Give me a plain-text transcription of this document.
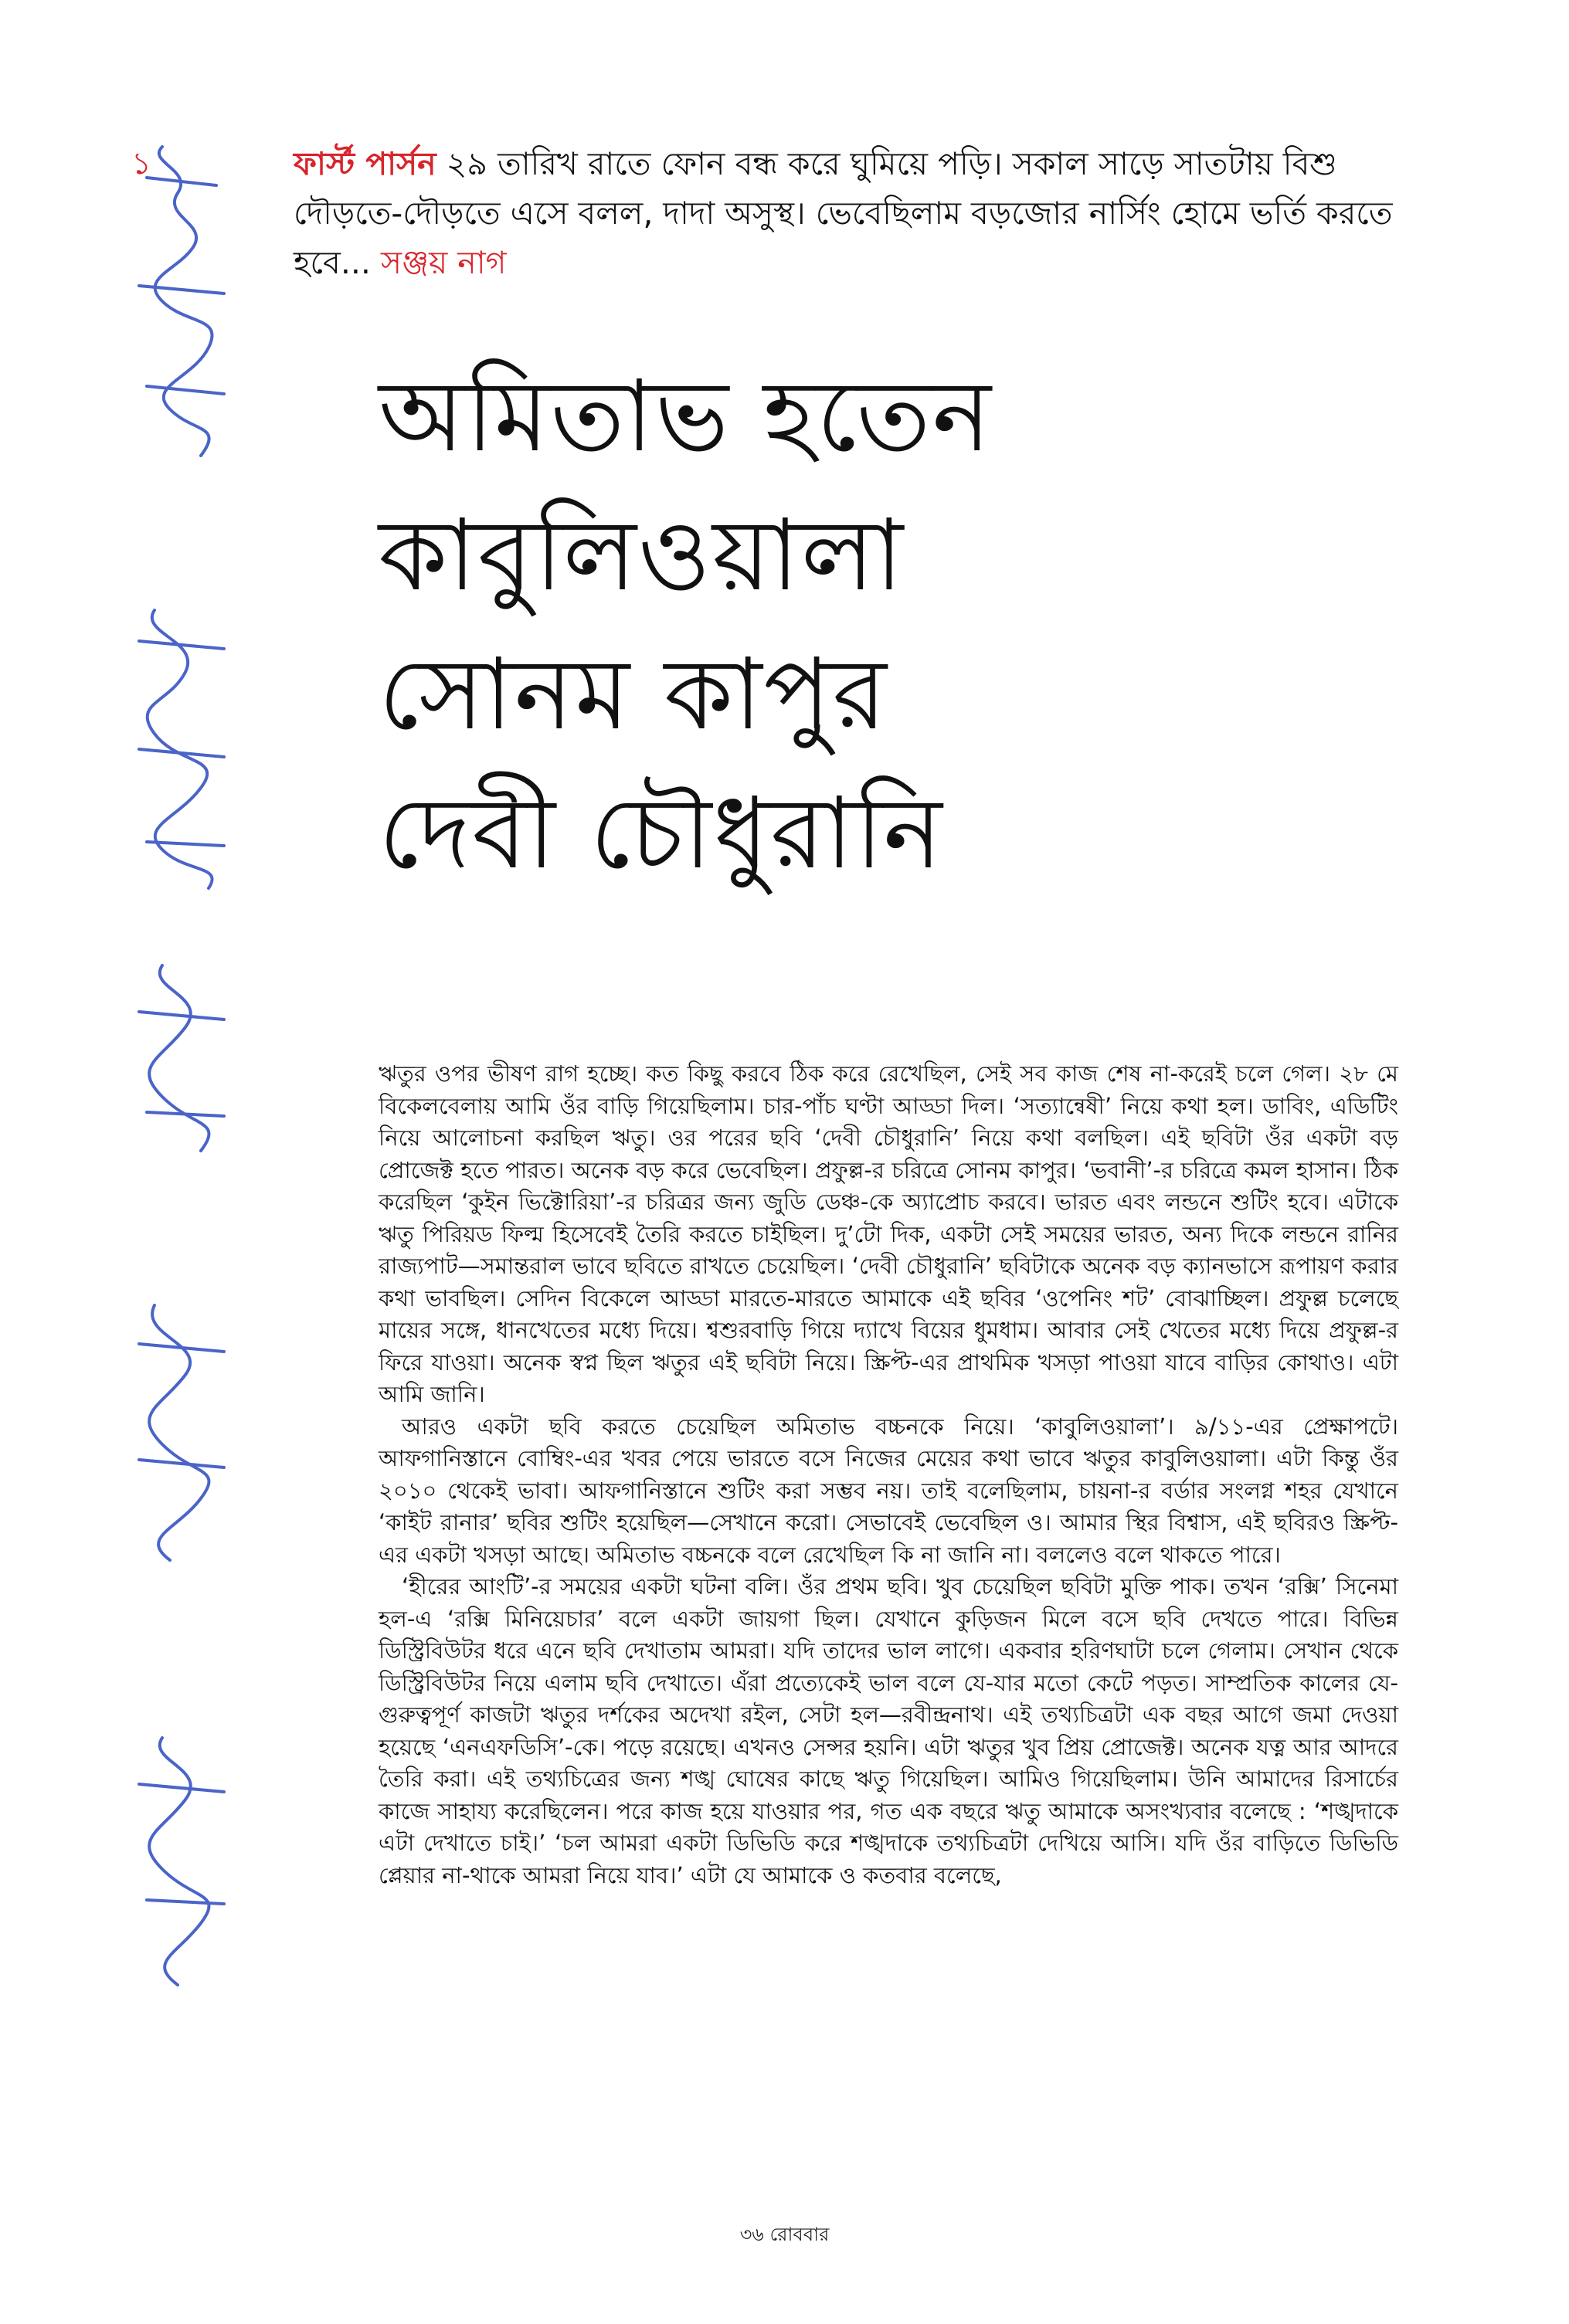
১	ফার্স্ট পার্সন ২৯ তারিখ রাতে ফোন বন্ধ করে ঘুমিয়ে পড়ি। সকাল সাড়ে সাতটায় বিশু দৌড়তে-দৌড়তে এসে বলল, দাদা অসুস্থ। ভেবেছিলাম বড়জোর নার্সিং হোমে ভর্তি করতে হবে... সঞ্জয় নাগ
অমিতাভ হতেন
কাবুলিওয়ালা
সোনম কাপুর
দেবী চৌধুরানি

ঋতুর ওপর ভীষণ রাগ হচ্ছে। কত কিছু করবে ঠিক করে রেখেছিল, সেই সব কাজ শেষ না-করেই চলে গেল। ২৮ মে বিকেলবেলায় আমি ওঁর বাড়ি গিয়েছিলাম। চার-পাঁচ ঘণ্টা আড্ডা দিল। ‘সত্যান্বেষী’ নিয়ে কথা হল। ডাবিং, এডিটিং নিয়ে আলোচনা করছিল ঋতু। ওর পরের ছবি ‘দেবী চৌধুরানি’ নিয়ে কথা বলছিল। এই ছবিটা ওঁর একটা বড় প্রোজেক্ট হতে পারত। অনেক বড় করে ভেবেছিল। প্রফুল্ল-র চরিত্রে সোনম কাপুর। ‘ভবানী’-র চরিত্রে কমল হাসান। ঠিক করেছিল ‘কুইন ভিক্টোরিয়া’-র চরিত্রর জন্য জুডি ডেঞ্চ-কে অ্যাপ্রোচ করবে। ভারত এবং লন্ডনে শুটিং হবে। এটাকে ঋতু পিরিয়ড ফিল্ম হিসেবেই তৈরি করতে চাইছিল। দু’টো দিক, একটা সেই সময়ের ভারত, অন্য দিকে লন্ডনে রানির রাজ্যপাট—সমান্তরাল ভাবে ছবিতে রাখতে চেয়েছিল। ‘দেবী চৌধুরানি’ ছবিটাকে অনেক বড় ক্যানভাসে রূপায়ণ করার কথা ভাবছিল। সেদিন বিকেলে আড্ডা মারতে-মারতে আমাকে এই ছবির ‘ওপেনিং শট’ বোঝাচ্ছিল। প্রফুল্ল চলেছে মায়ের সঙ্গে, ধানখেতের মধ্যে দিয়ে। শ্বশুরবাড়ি গিয়ে দ্যাখে বিয়ের ধুমধাম। আবার সেই খেতের মধ্যে দিয়ে প্রফুল্ল-র ফিরে যাওয়া। অনেক স্বপ্ন ছিল ঋতুর এই ছবিটা নিয়ে। স্ক্রিপ্ট-এর প্রাথমিক খসড়া পাওয়া যাবে বাড়ির কোথাও। এটা আমি জানি।

আরও একটা ছবি করতে চেয়েছিল অমিতাভ বচ্চনকে নিয়ে। ‘কাবুলিওয়ালা’। ৯/১১-এর প্রেক্ষাপটে। আফগানিস্তানে বোম্বিং-এর খবর পেয়ে ভারতে বসে নিজের মেয়ের কথা ভাবে ঋতুর কাবুলিওয়ালা। এটা কিন্তু ওঁর ২০১০ থেকেই ভাবা। আফগানিস্তানে শুটিং করা সম্ভব নয়। তাই বলেছিলাম, চায়না-র বর্ডার সংলগ্ন শহর যেখানে ‘কাইট রানার’ ছবির শুটিং হয়েছিল—সেখানে করো। সেভাবেই ভেবেছিল ও। আমার স্থির বিশ্বাস, এই ছবিরও স্ক্রিপ্ট-এর একটা খসড়া আছে। অমিতাভ বচ্চনকে বলে রেখেছিল কি না জানি না। বললেও বলে থাকতে পারে।

‘হীরের আংটি’-র সময়ের একটা ঘটনা বলি। ওঁর প্রথম ছবি। খুব চেয়েছিল ছবিটা মুক্তি পাক। তখন ‘রক্সি’ সিনেমা হল-এ ‘রক্সি মিনিয়েচার’ বলে একটা জায়গা ছিল। যেখানে কুড়িজন মিলে বসে ছবি দেখতে পারে। বিভিন্ন ডিস্ট্রিবিউটর ধরে এনে ছবি দেখাতাম আমরা। যদি তাদের ভাল লাগে। একবার হরিণঘাটা চলে গেলাম। সেখান থেকে ডিস্ট্রিবিউটর নিয়ে এলাম ছবি দেখাতে। এঁরা প্রত্যেকেই ভাল বলে যে-যার মতো কেটে পড়ত। সাম্প্রতিক কালের যে-গুরুত্বপূর্ণ কাজটা ঋতুর দর্শকের অদেখা রইল, সেটা হল—রবীন্দ্রনাথ। এই তথ্যচিত্রটা এক বছর আগে জমা দেওয়া হয়েছে ‘এনএফডিসি’-কে। পড়ে রয়েছে। এখনও সেন্সর হয়নি। এটা ঋতুর খুব প্রিয় প্রোজেক্ট। অনেক যত্ন আর আদরে তৈরি করা। এই তথ্যচিত্রের জন্য শঙ্খ ঘোষের কাছে ঋতু গিয়েছিল। আমিও গিয়েছিলাম। উনি আমাদের রিসার্চের কাজে সাহায্য করেছিলেন। পরে কাজ হয়ে যাওয়ার পর, গত এক বছরে ঋতু আমাকে অসংখ্যবার বলেছে : ‘শঙ্খদাকে এটা দেখাতে চাই।’ ‘চল আমরা একটা ডিভিডি করে শঙ্খদাকে তথ্যচিত্রটা দেখিয়ে আসি। যদি ওঁর বাড়িতে ডিভিডি প্লেয়ার না-থাকে আমরা নিয়ে যাব।’ এটা যে আমাকে ও কতবার বলেছে,

৩৬ রোববার
